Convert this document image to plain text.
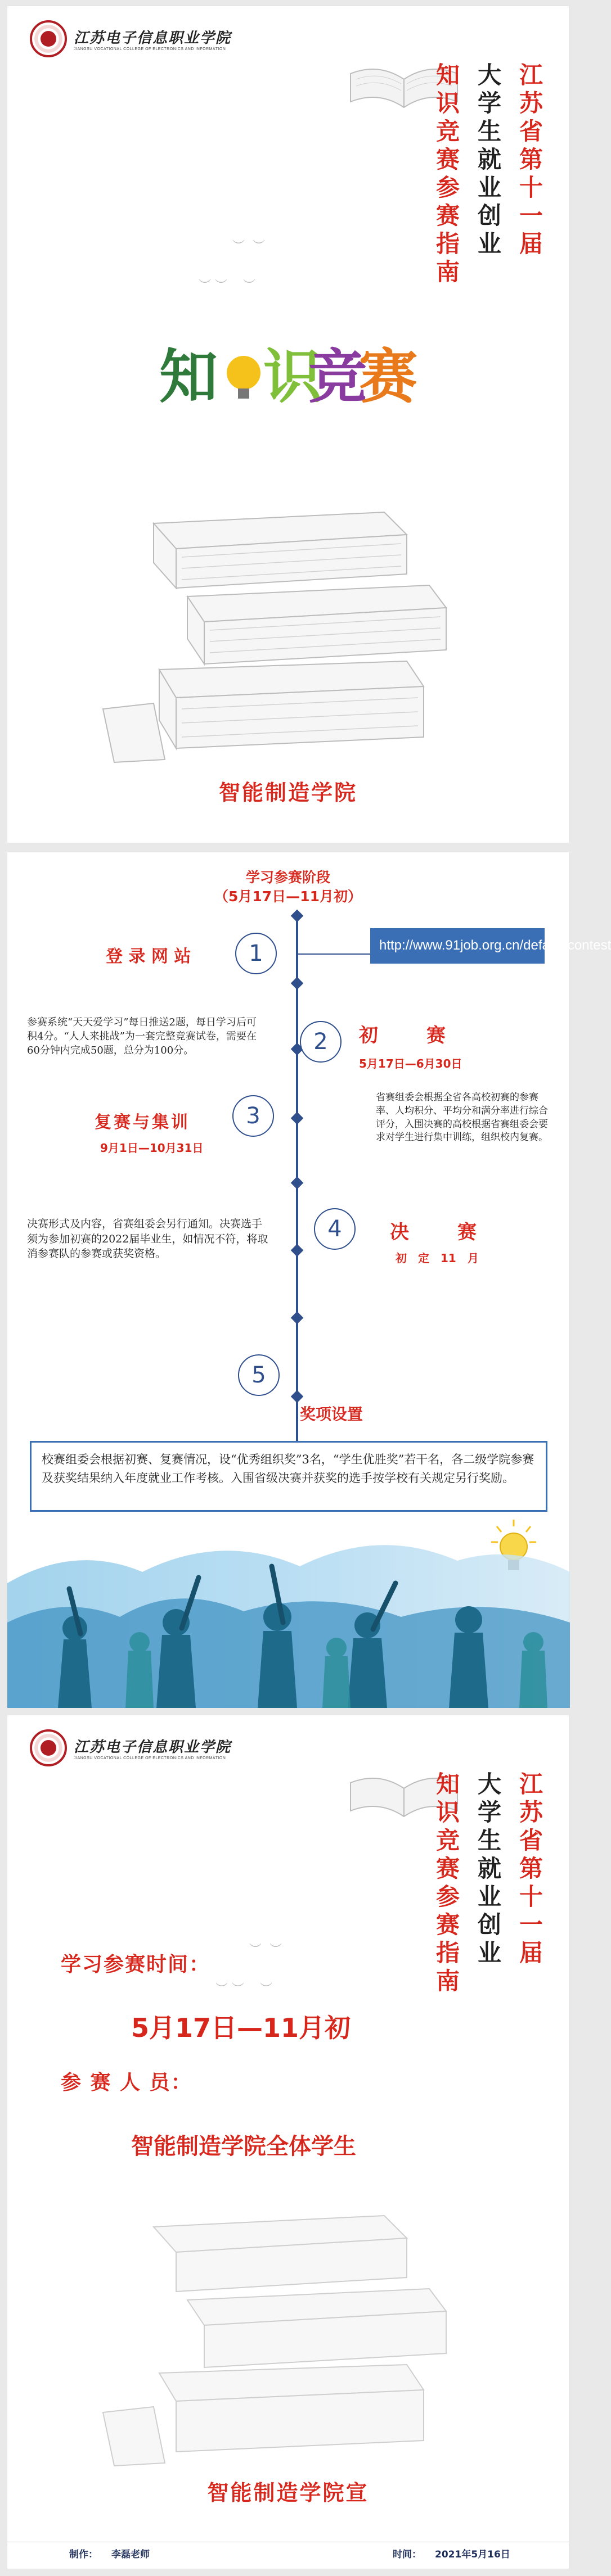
江苏电子信息职业学院
JIANGSU VOCATIONAL COLLEGE OF ELECTRONICS AND INFORMATION
江苏省第十一届
大学生就业创业
知识竞赛参赛指南
︶  ︶
︶ ︶    ︶
知 识
竞
赛
智能制造学院
学习参赛阶段
（5月17日—11月初）
登 录 网 站	1	http://www.91job.org.cn/default/contest
参赛系统“天天爱学习”每日推送2题，每日学习后可积4分。“人人来挑战”为一套完整竞赛试卷，需要在60分钟内完成50题，总分为100分。	2	初　　赛
5月17日—6月30日
复赛与集训
9月1日—10月31日
3
省赛组委会根据全省各高校初赛的参赛率、人均积分、平均分和满分率进行综合评分，入围决赛的高校根据省赛组委会要求对学生进行集中训练，组织校内复赛。
决赛形式及内容，省赛组委会另行通知。决赛选手须为参加初赛的2022届毕业生，如情况不符，将取消参赛队的参赛或获奖资格。
4	决　　赛
初　定　11　月
5
奖项设置
校赛组委会根据初赛、复赛情况，设“优秀组织奖”3名，“学生优胜奖”若干名，各二级学院参赛及获奖结果纳入年度就业工作考核。入围省级决赛并获奖的选手按学校有关规定另行奖励。
江苏电子信息职业学院
JIANGSU VOCATIONAL COLLEGE OF ELECTRONICS AND INFORMATION
江苏省第十一届
大学生就业创业
知识竞赛参赛指南
︶  ︶
︶ ︶    ︶
学习参赛时间：
5月17日—11月初
参 赛 人 员：
智能制造学院全体学生
智能制造学院宣
制作： 李磊老师	时间： 2021年5月16日
